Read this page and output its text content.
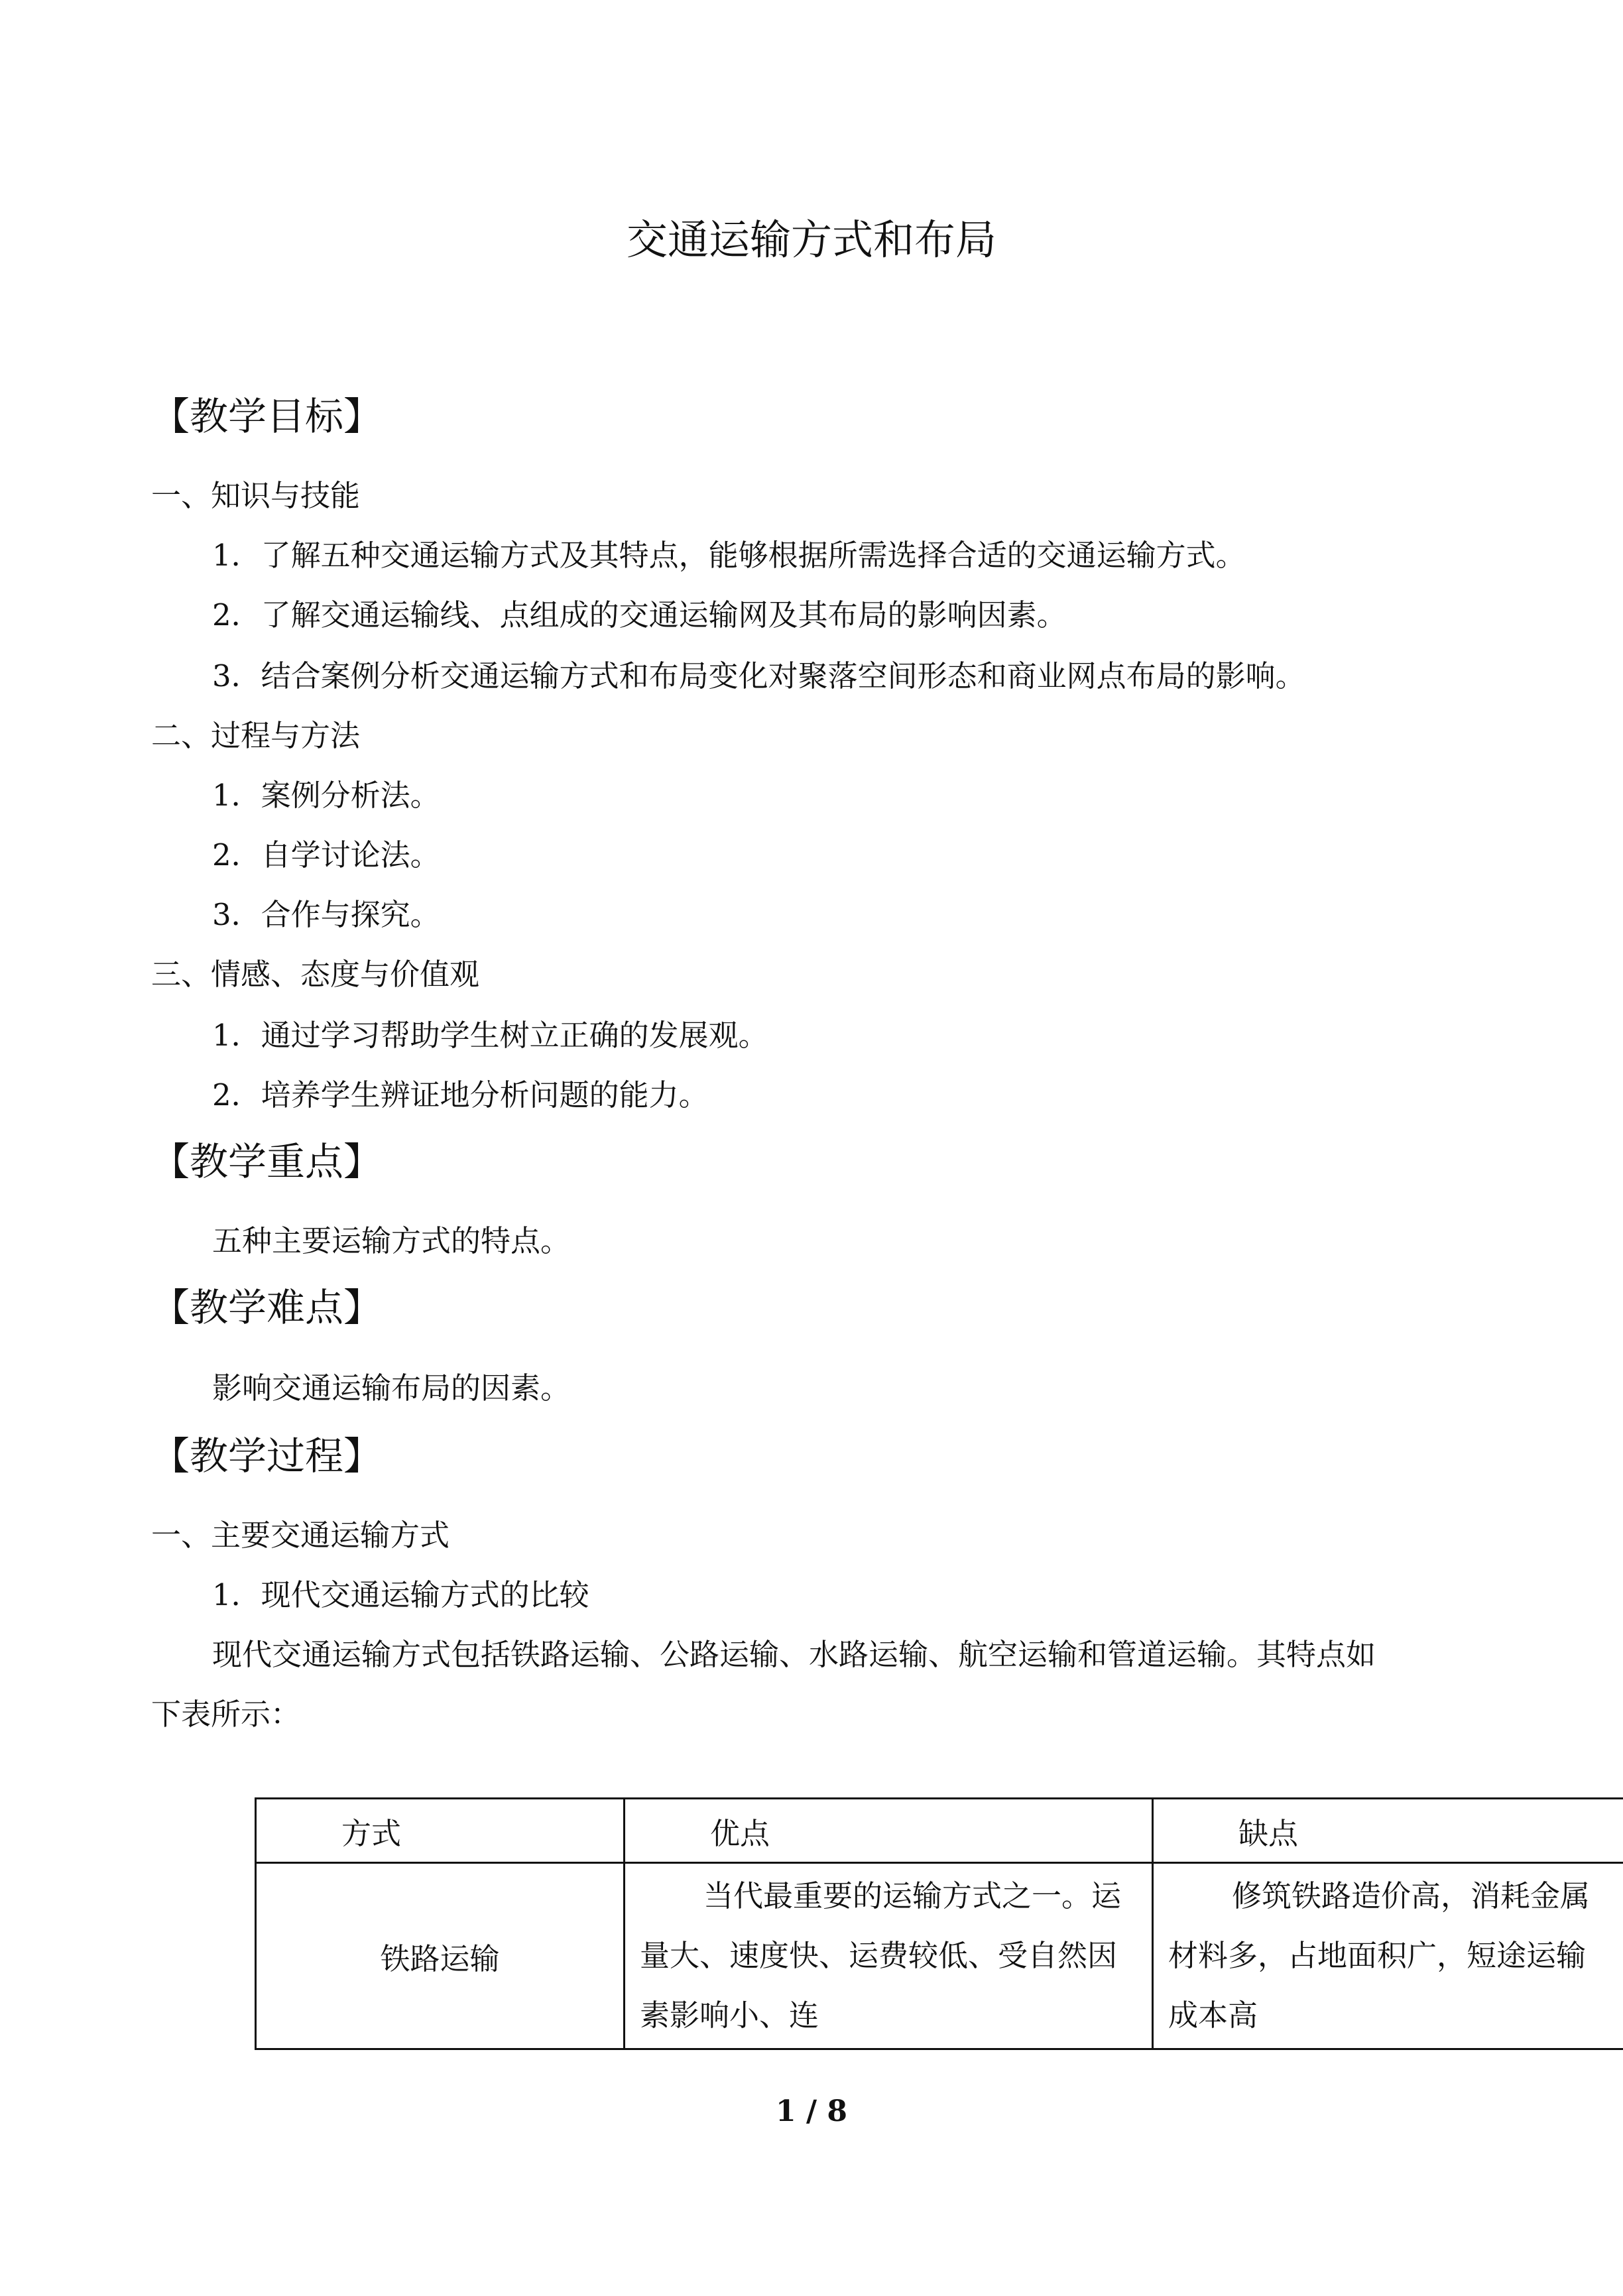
交通运输方式和布局
【教学目标】
一、知识与技能
1．了解五种交通运输方式及其特点，能够根据所需选择合适的交通运输方式。
2．了解交通运输线、点组成的交通运输网及其布局的影响因素。
3．结合案例分析交通运输方式和布局变化对聚落空间形态和商业网点布局的影响。
二、过程与方法
1．案例分析法。
2．自学讨论法。
3．合作与探究。
三、情感、态度与价值观
1．通过学习帮助学生树立正确的发展观。
2．培养学生辨证地分析问题的能力。
【教学重点】
五种主要运输方式的特点。
【教学难点】
影响交通运输布局的因素。
【教学过程】
一、主要交通运输方式
1．现代交通运输方式的比较
现代交通运输方式包括铁路运输、公路运输、水路运输、航空运输和管道运输。其特点如
下表所示：
方式	优点	缺点
铁路运输	当代最重要的运输方式之一。运量大、速度快、运费较低、受自然因素影响小、连	修筑铁路造价高，消耗金属材料多，占地面积广，短途运输成本高
1 / 8
